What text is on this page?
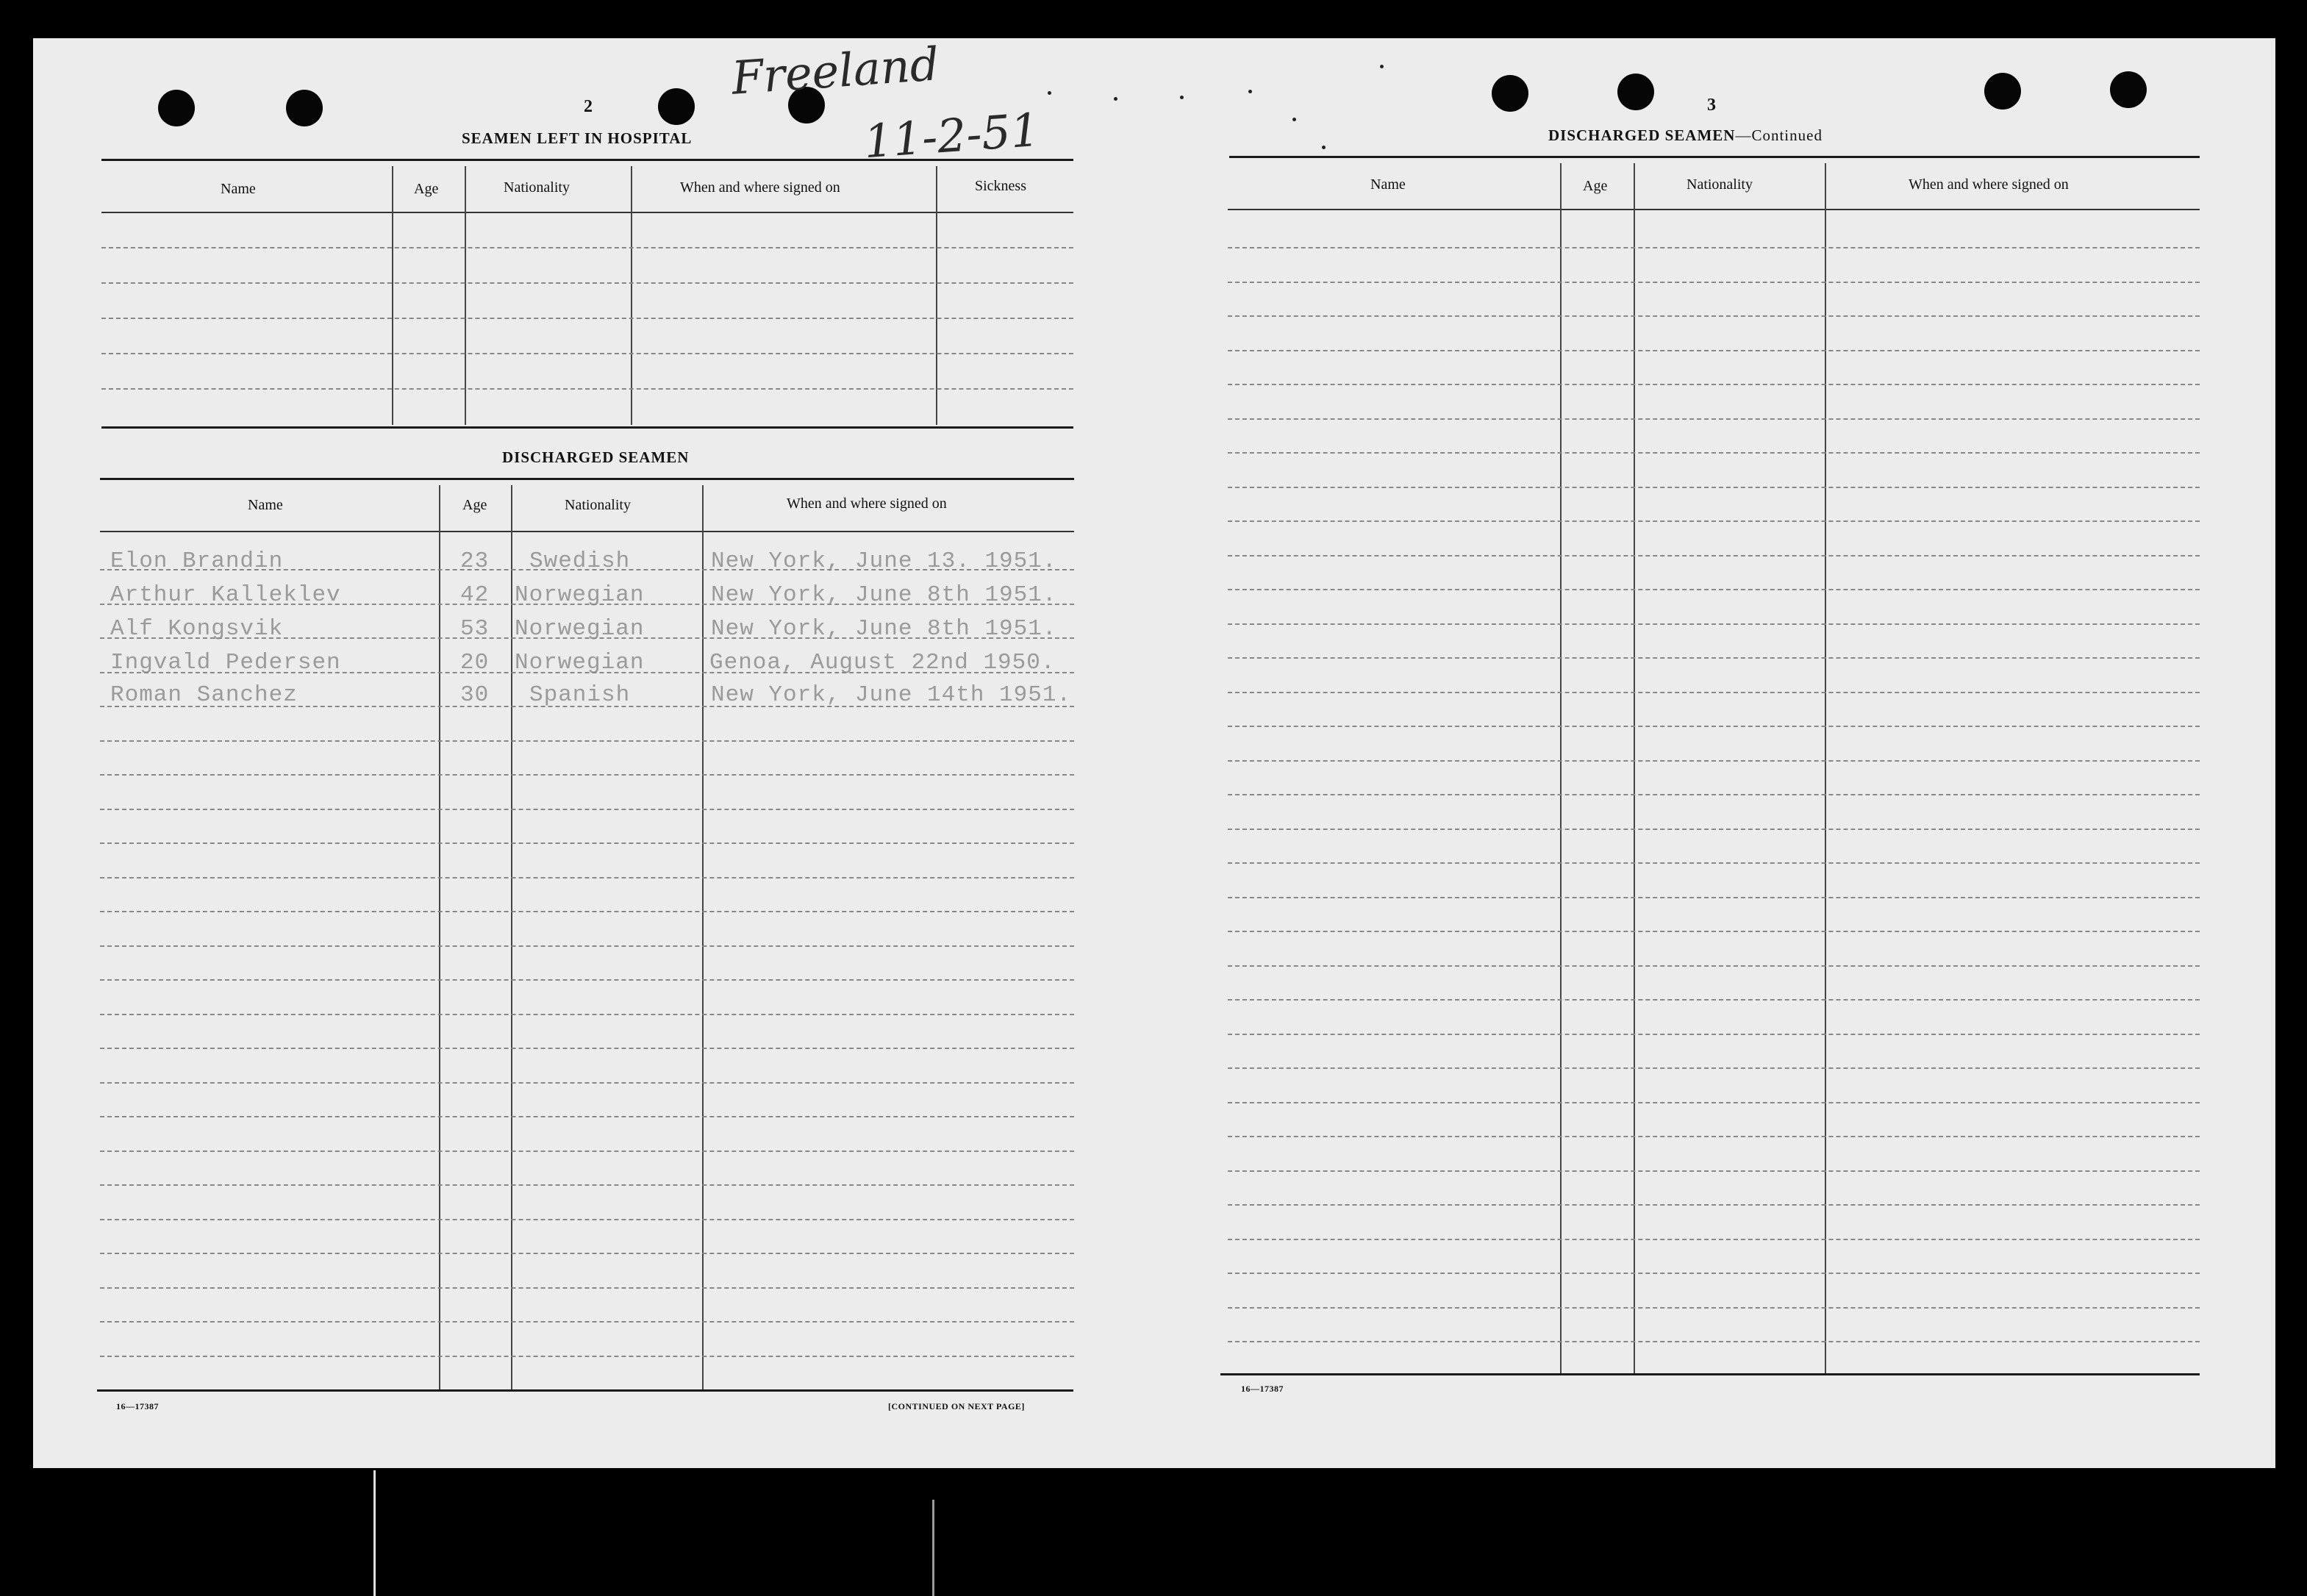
Freeland
11-2-51
2
SEAMEN LEFT IN HOSPITAL
Name	Age	Nationality	When and where signed on	Sickness
DISCHARGED SEAMEN
Name	Age	Nationality	When and where signed on
Elon Brandin	23 Swedish	New York, June 13. 1951.
Arthur Kalleklev	42 Norwegian	New York, June 8th 1951.
Alf Kongsvik	53 Norwegian	New York, June 8th 1951.
Ingvald Pedersen	20 Norwegian	Genoa, August 22nd 1950.
Roman Sanchez	30 Spanish	New York, June 14th 1951.
16—17387	[CONTINUED ON NEXT PAGE]
3
DISCHARGED SEAMEN—Continued
Name	Age	Nationality	When and where signed on
16—17387
